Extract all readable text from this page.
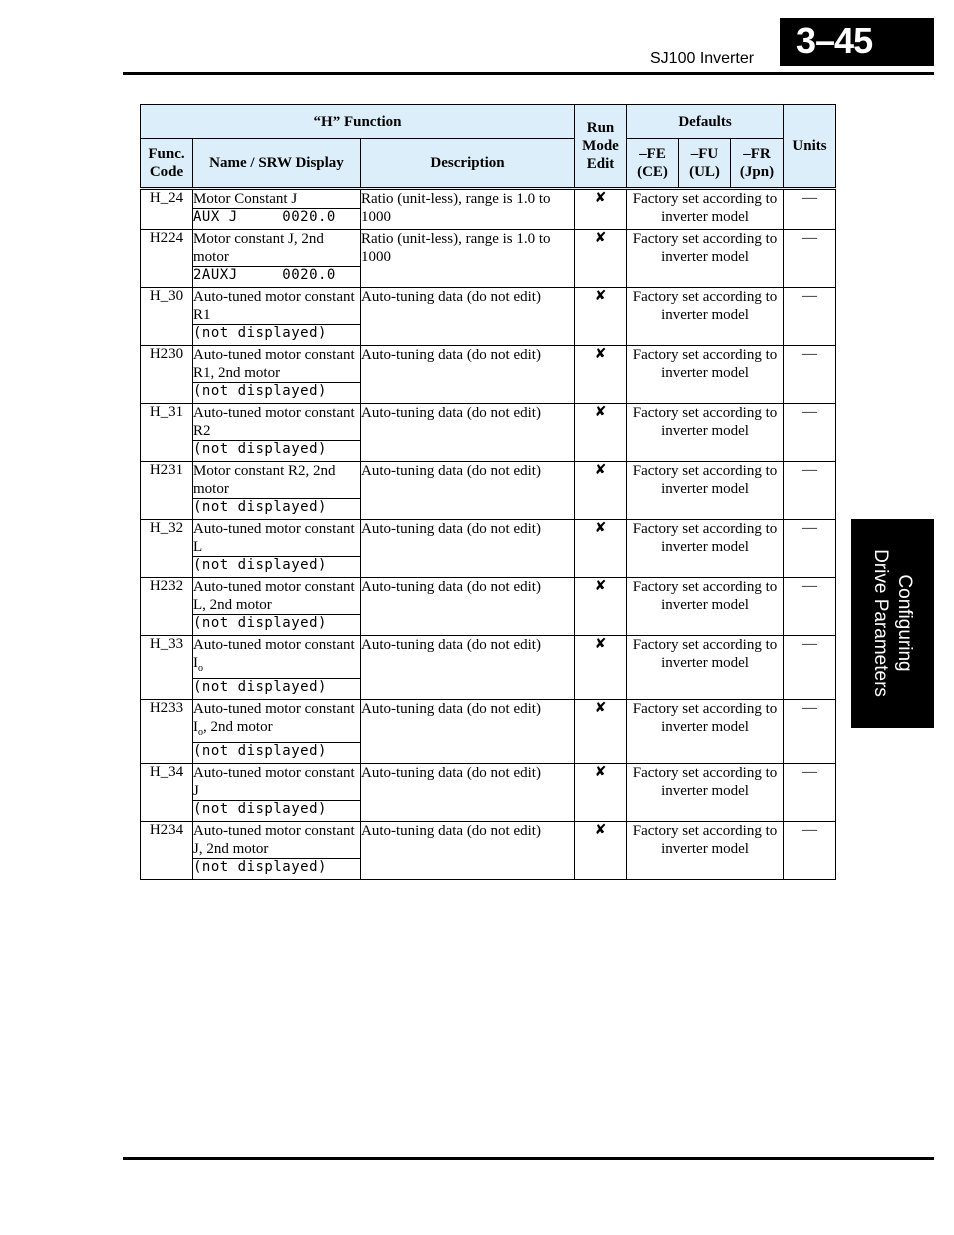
3–45
SJ100 Inverter
Configuring
Drive Parameters
“H” Function			Run Mode Edit	Defaults			Units
Func. Code	Name / SRW Display	Description		–FE (CE)	–FU (UL)	–FR (Jpn)	
H_24	Motor Constant J	Ratio (unit-less), range is 1.0 to 1000	✘	Factory set according to inverter model			—
	AUX J     0020.0						
H224	Motor constant J, 2nd motor	Ratio (unit-less), range is 1.0 to 1000	✘	Factory set according to inverter model			—
	2AUXJ     0020.0						
H_30	Auto-tuned motor constant R1	Auto-tuning data (do not edit)	✘	Factory set according to inverter model			—
	(not displayed)						
H230	Auto-tuned motor constant R1, 2nd motor	Auto-tuning data (do not edit)	✘	Factory set according to inverter model			—
	(not displayed)						
H_31	Auto-tuned motor constant R2	Auto-tuning data (do not edit)	✘	Factory set according to inverter model			—
	(not displayed)						
H231	Motor constant R2, 2nd motor	Auto-tuning data (do not edit)	✘	Factory set according to inverter model			—
	(not displayed)						
H_32	Auto-tuned motor constant L	Auto-tuning data (do not edit)	✘	Factory set according to inverter model			—
	(not displayed)						
H232	Auto-tuned motor constant L, 2nd motor	Auto-tuning data (do not edit)	✘	Factory set according to inverter model			—
	(not displayed)						
H_33	Auto-tuned motor constant $I_o$	Auto-tuning data (do not edit)	✘	Factory set according to inverter model			—
	(not displayed)						
H233	Auto-tuned motor constant $I_o$, 2nd motor	Auto-tuning data (do not edit)	✘	Factory set according to inverter model			—
	(not displayed)						
H_34	Auto-tuned motor constant J	Auto-tuning data (do not edit)	✘	Factory set according to inverter model			—
	(not displayed)						
H234	Auto-tuned motor constant J, 2nd motor	Auto-tuning data (do not edit)	✘	Factory set according to inverter model			—
	(not displayed)						
